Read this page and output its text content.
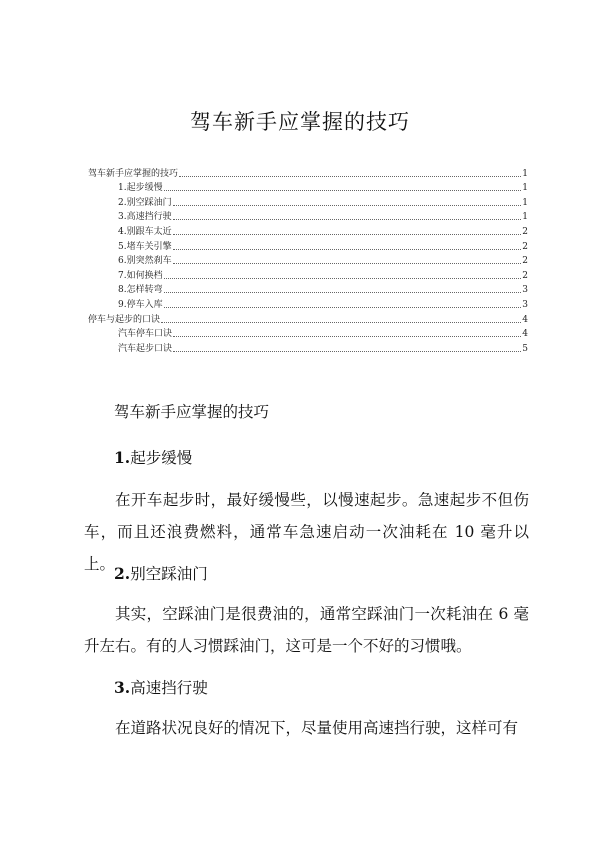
驾车新手应掌握的技巧
驾车新手应掌握的技巧	1
1.起步缓慢	1
2.别空踩油门	1
3.高速挡行驶	1
4.别跟车太近	2
5.堵车关引擎	2
6.别突然刹车	2
7.如何换档	2
8.怎样转弯	3
9.停车入库	3
停车与起步的口诀	4
汽车停车口诀	4
汽车起步口诀	5
驾车新手应掌握的技巧
1.起步缓慢

在开车起步时，最好缓慢些，以慢速起步。急速起步不但伤车，而且还浪费燃料，通常车急速启动一次油耗在 10 毫升以上。

2.别空踩油门

其实，空踩油门是很费油的，通常空踩油门一次耗油在 6 毫升左右。有的人习惯踩油门，这可是一个不好的习惯哦。

3.高速挡行驶

在道路状况良好的情况下，尽量使用高速挡行驶，这样可有
